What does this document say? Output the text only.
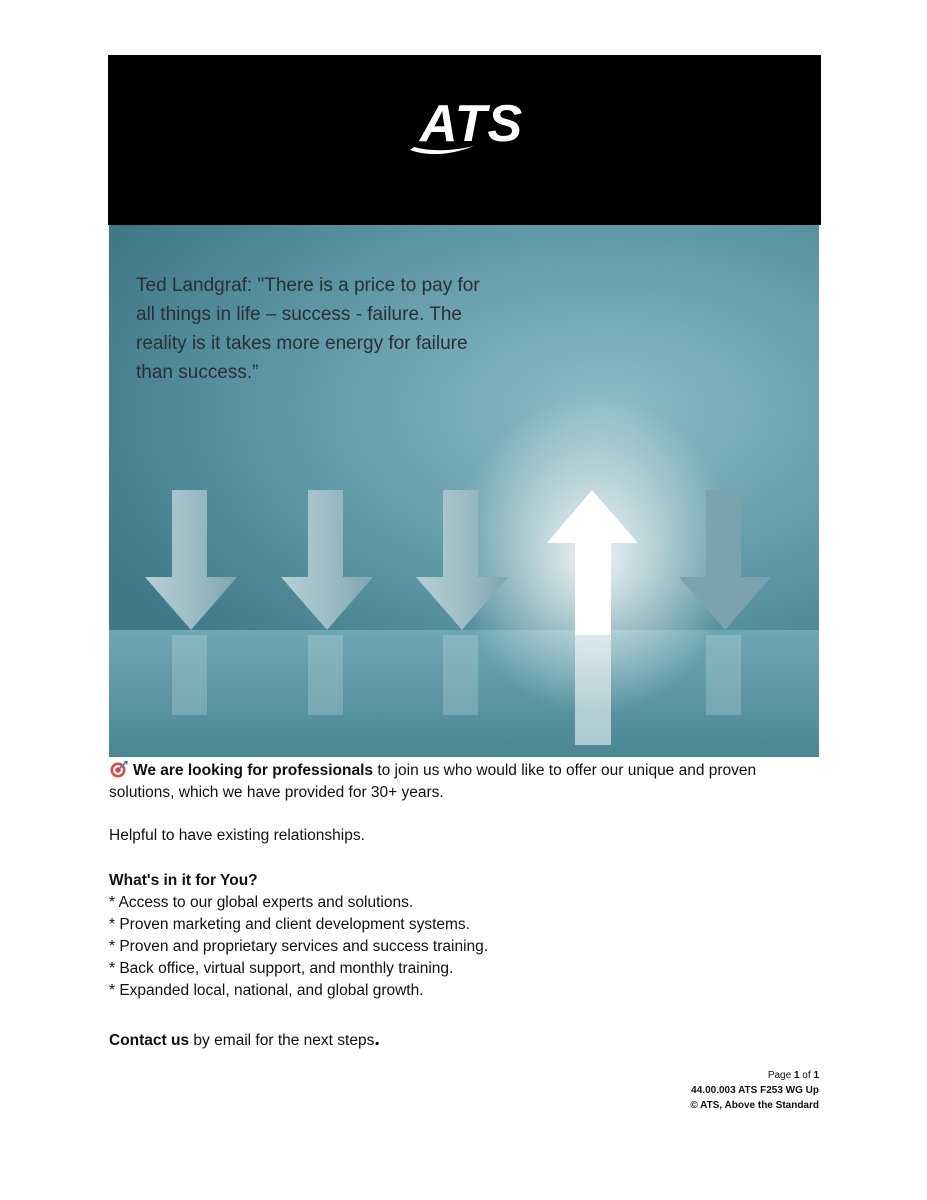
ATS
Ted Landgraf: "There is a price to pay for
all things in life – success - failure. The
reality is it takes more energy for failure
than success.”
We are looking for professionals to join us who would like to offer our unique and proven
solutions, which we have provided for 30+ years.
Helpful to have existing relationships.
What's in it for You?
* Access to our global experts and solutions.
* Proven marketing and client development systems.
* Proven and proprietary services and success training.
* Back office, virtual support, and monthly training.
* Expanded local, national, and global growth.
Contact us by email for the next steps.
Page 1 of 1
44.00.003 ATS F253 WG Up
© ATS, Above the Standard
